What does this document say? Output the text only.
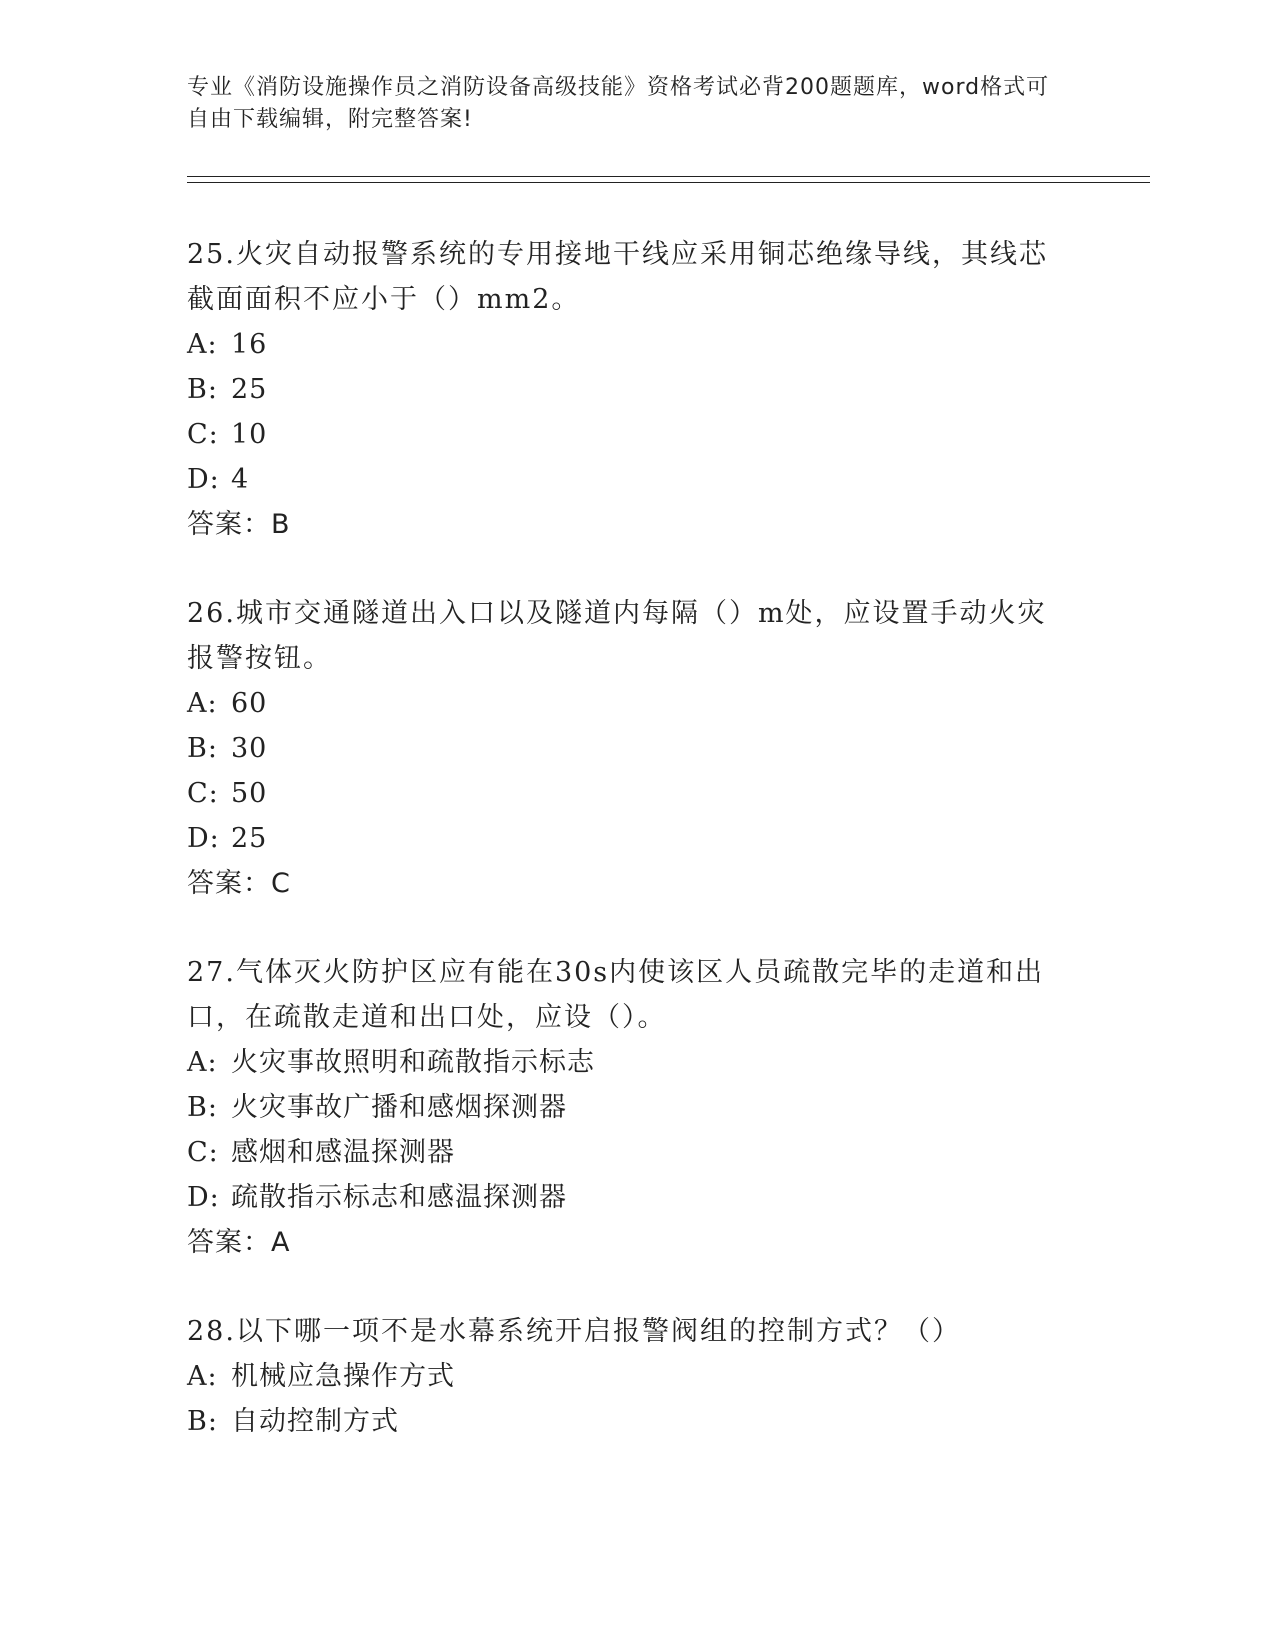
专业《消防设施操作员之消防设备高级技能》资格考试必背200题题库，word格式可自由下载编辑，附完整答案!
25.火灾自动报警系统的专用接地干线应采用铜芯绝缘导线，其线芯截面面积不应小于（）mm2。
A: 16
B: 25
C: 10
D: 4
答案：B
26.城市交通隧道出入口以及隧道内每隔（）m处，应设置手动火灾报警按钮。
A: 60
B: 30
C: 50
D: 25
答案：C
27.气体灭火防护区应有能在30s内使该区人员疏散完毕的走道和出口，在疏散走道和出口处，应设（）。
A: 火灾事故照明和疏散指示标志
B: 火灾事故广播和感烟探测器
C: 感烟和感温探测器
D: 疏散指示标志和感温探测器
答案：A
28.以下哪一项不是水幕系统开启报警阀组的控制方式？（）
A: 机械应急操作方式
B: 自动控制方式
